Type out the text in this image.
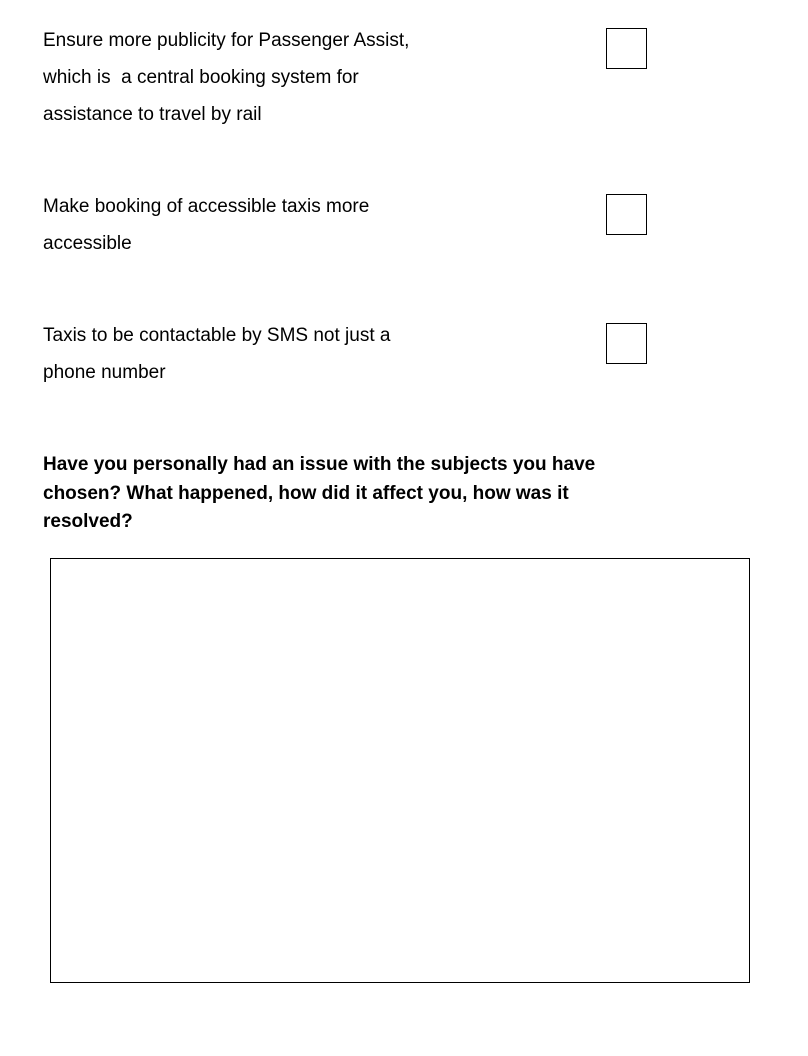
Ensure more publicity for Passenger Assist,
which is  a central booking system for
assistance to travel by rail
Make booking of accessible taxis more
accessible
Taxis to be contactable by SMS not just a
phone number
Have you personally had an issue with the subjects you have
chosen? What happened, how did it affect you, how was it
resolved?
